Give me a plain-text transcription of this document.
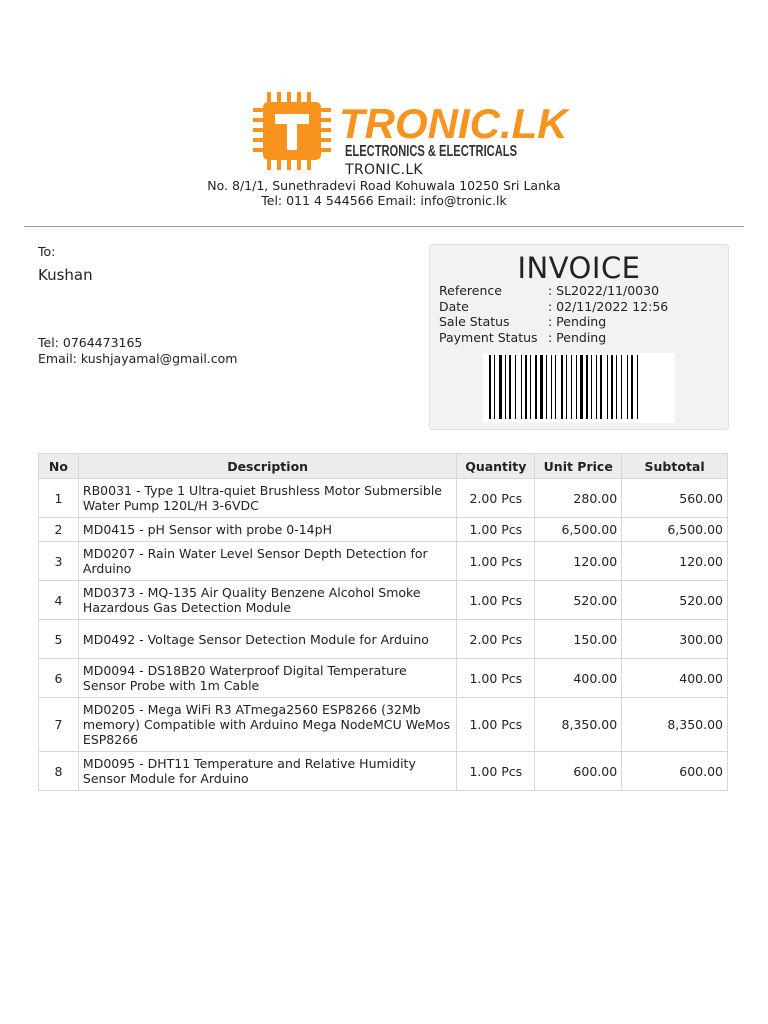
TRONIC.LK
ELECTRONICS & ELECTRICALS
TRONIC.LK
No. 8/1/1, Sunethradevi Road Kohuwala 10250 Sri Lanka
Tel: 011 4 544566 Email: info@tronic.lk
To:
Kushan
Tel: 0764473165
Email: kushjayamal@gmail.com
INVOICE
Reference	: SL2022/11/0030
Date	: 02/11/2022 12:56
Sale Status	: Pending
Payment Status : Pending
No	Description	Quantity	Unit Price	Subtotal
1	RB0031 - Type 1 Ultra-quiet Brushless Motor Submersible Water Pump 120L/H 3-6VDC	2.00 Pcs	280.00	560.00
2	MD0415 - pH Sensor with probe 0-14pH	1.00 Pcs	6,500.00	6,500.00
3	MD0207 - Rain Water Level Sensor Depth Detection for Arduino	1.00 Pcs	120.00	120.00
4	MD0373 - MQ-135 Air Quality Benzene Alcohol Smoke Hazardous Gas Detection Module	1.00 Pcs	520.00	520.00
5	MD0492 - Voltage Sensor Detection Module for Arduino	2.00 Pcs	150.00	300.00
6	MD0094 - DS18B20 Waterproof Digital Temperature Sensor Probe with 1m Cable	1.00 Pcs	400.00	400.00
7	MD0205 - Mega WiFi R3 ATmega2560 ESP8266 (32Mb memory) Compatible with Arduino Mega NodeMCU WeMos ESP8266	1.00 Pcs	8,350.00	8,350.00
8	MD0095 - DHT11 Temperature and Relative Humidity Sensor Module for Arduino	1.00 Pcs	600.00	600.00
